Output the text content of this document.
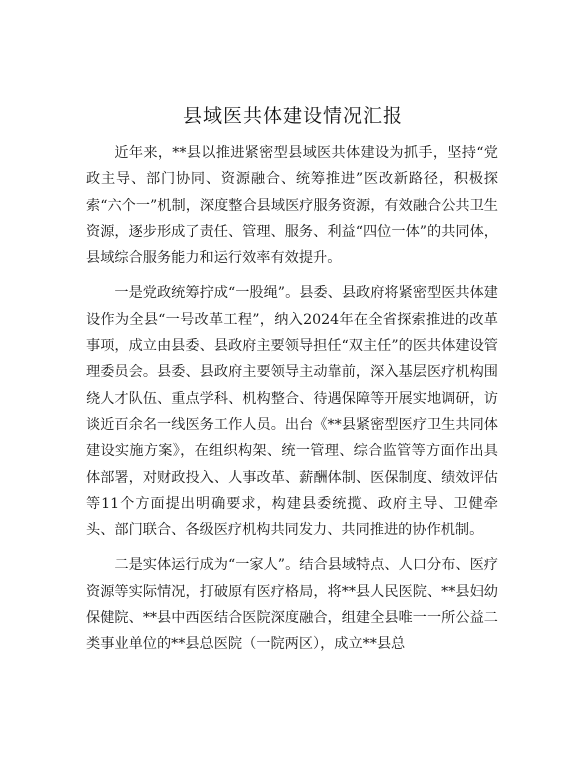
县域医共体建设情况汇报

近年来，**县以推进紧密型县域医共体建设为抓手，坚持“党政主导、部门协同、资源融合、统筹推进”医改新路径，积极探索“六个一”机制，深度整合县域医疗服务资源，有效融合公共卫生资源，逐步形成了责任、管理、服务、利益“四位一体”的共同体，县域综合服务能力和运行效率有效提升。

一是党政统筹拧成“一股绳”。县委、县政府将紧密型医共体建设作为全县“一号改革工程”，纳入2024年在全省探索推进的改革事项，成立由县委、县政府主要领导担任“双主任”的医共体建设管理委员会。县委、县政府主要领导主动靠前，深入基层医疗机构围绕人才队伍、重点学科、机构整合、待遇保障等开展实地调研，访谈近百余名一线医务工作人员。出台《**县紧密型医疗卫生共同体建设实施方案》，在组织构架、统一管理、综合监管等方面作出具体部署，对财政投入、人事改革、薪酬体制、医保制度、绩效评估等11个方面提出明确要求，构建县委统揽、政府主导、卫健牵头、部门联合、各级医疗机构共同发力、共同推进的协作机制。

二是实体运行成为“一家人”。结合县域特点、人口分布、医疗资源等实际情况，打破原有医疗格局，将**县人民医院、**县妇幼保健院、**县中西医结合医院深度融合，组建全县唯一一所公益二类事业单位的**县总医院（一院两区），成立**县总
